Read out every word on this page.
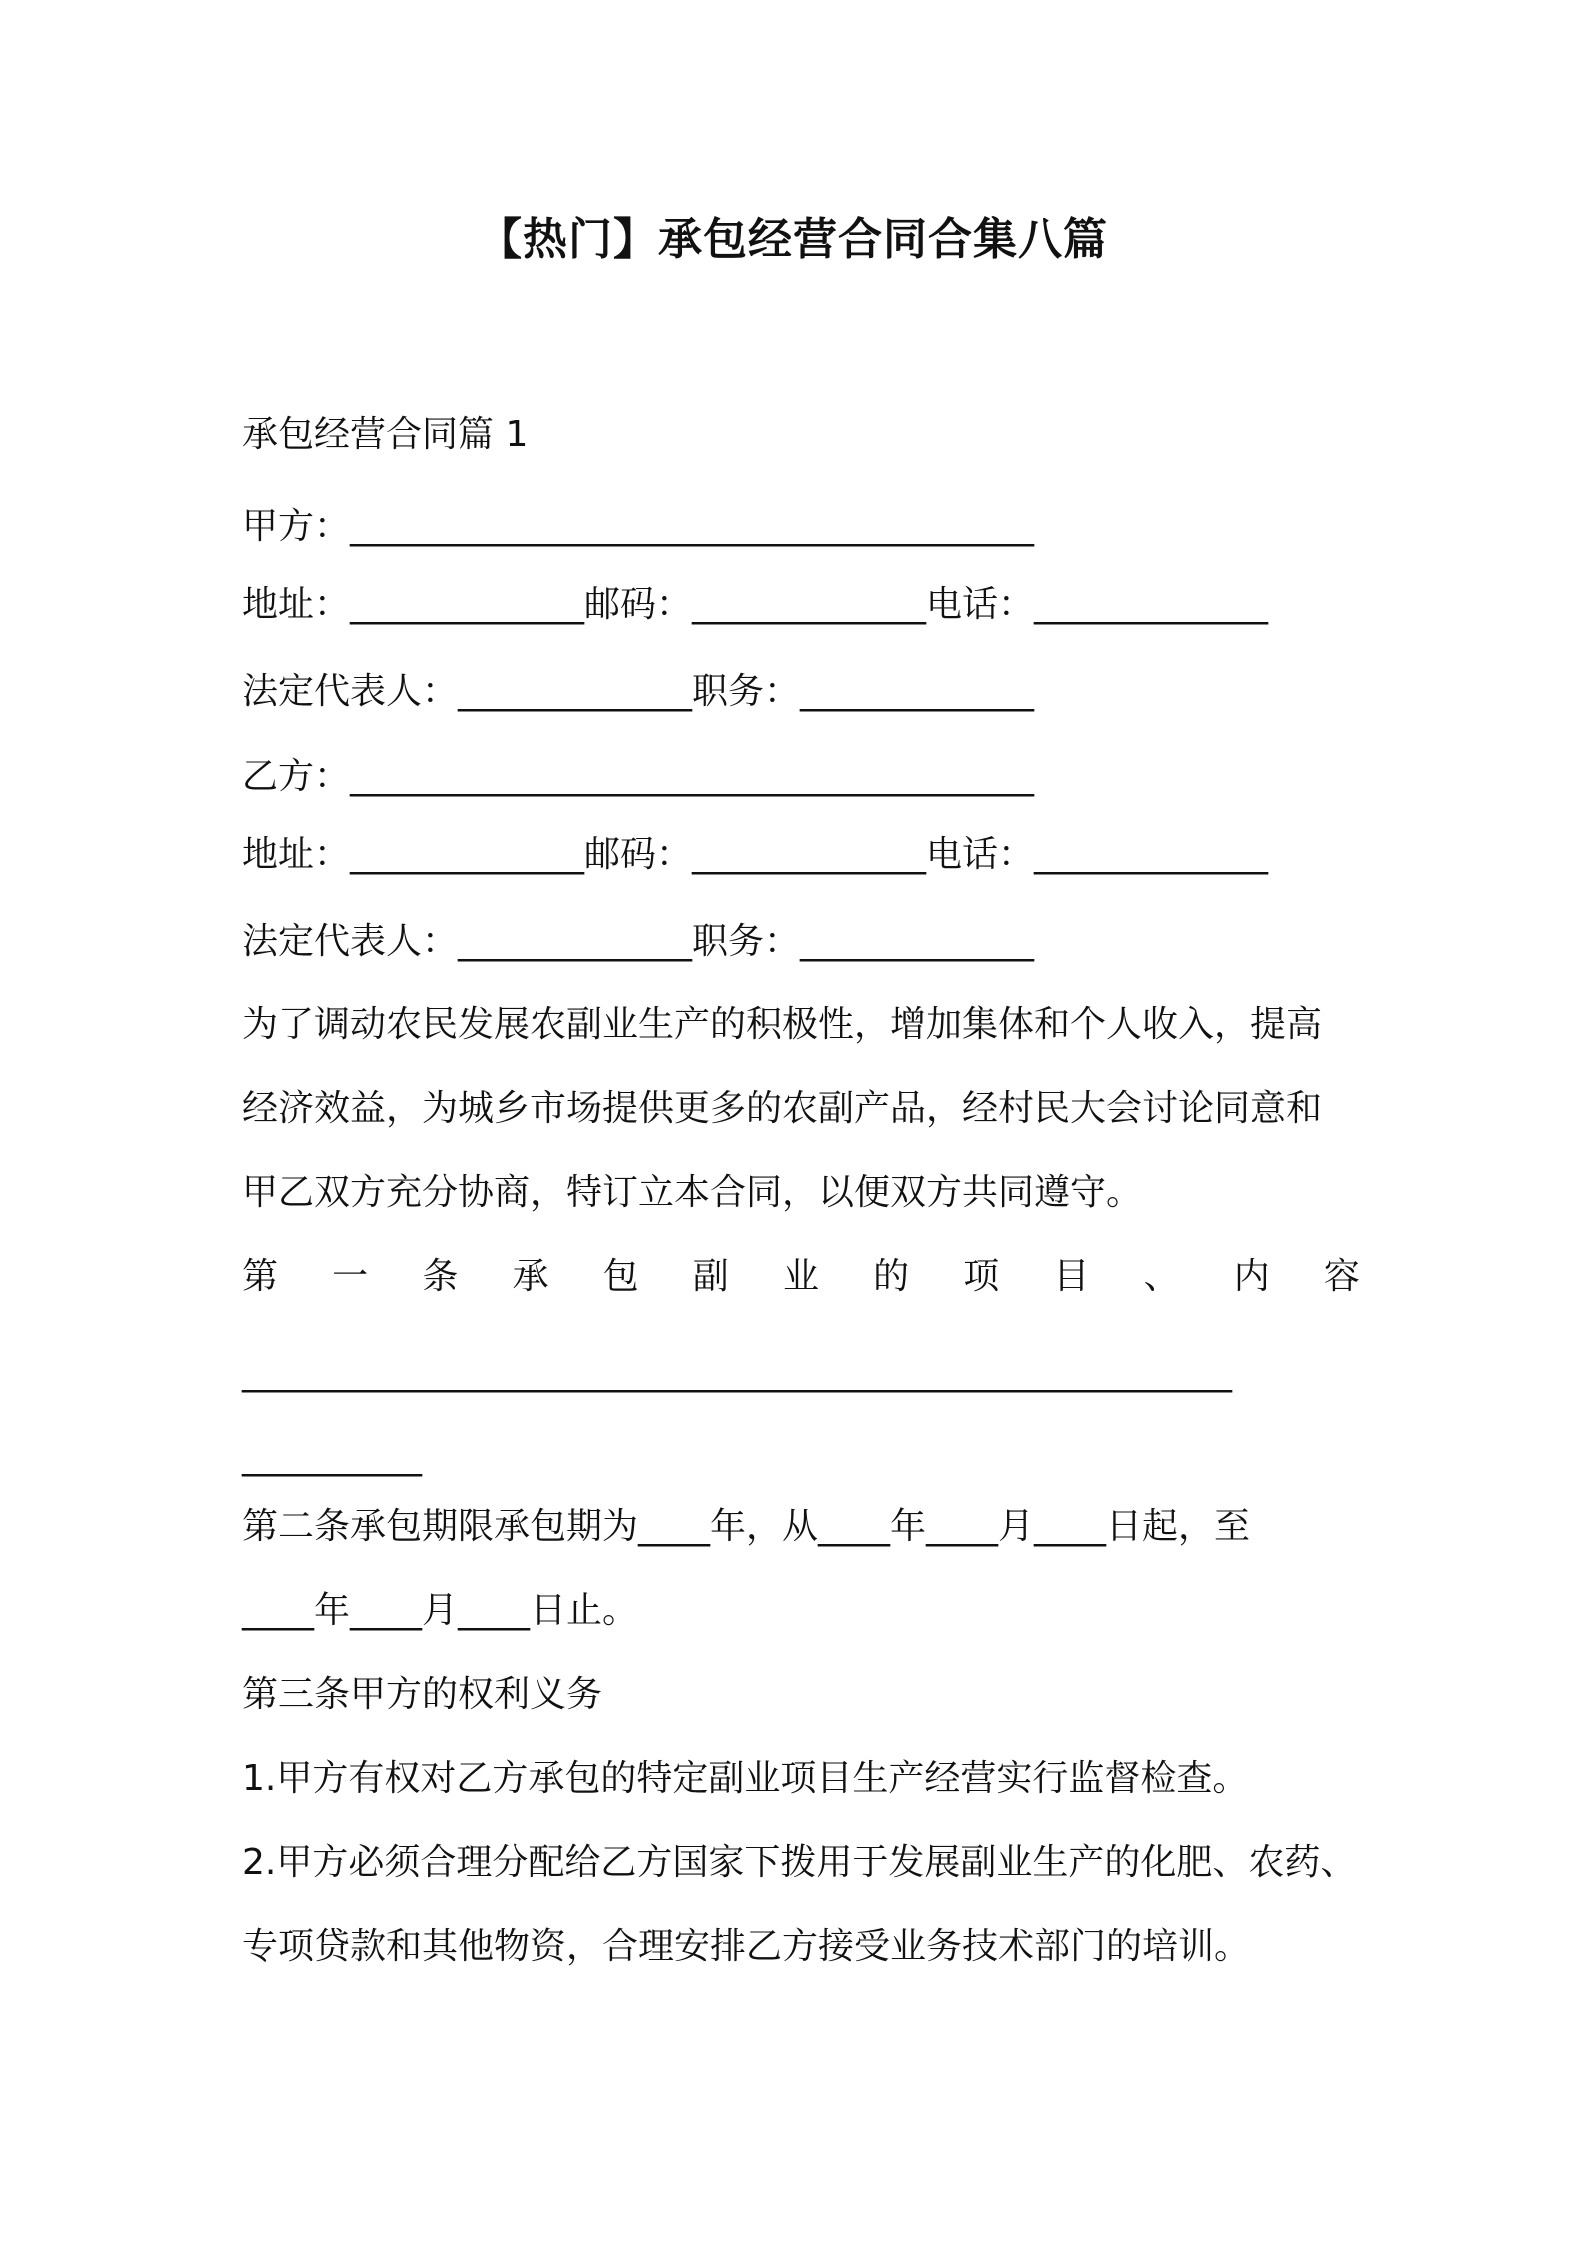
【热门】承包经营合同合集八篇
承包经营合同篇 1
甲方：______________________________________
地址：_____________邮码：_____________电话：_____________
法定代表人：_____________职务：_____________
乙方：______________________________________
地址：_____________邮码：_____________电话：_____________
法定代表人：_____________职务：_____________
为了调动农民发展农副业生产的积极性，增加集体和个人收入，提高
经济效益，为城乡市场提供更多的农副产品，经村民大会讨论同意和
甲乙双方充分协商，特订立本合同，以便双方共同遵守。
第 一 条 承 包 副 业 的 项 目 、 内 容
_______________________________________________________
__________
第二条承包期限承包期为____年，从____年____月____日起，至
____年____月____日止。
第三条甲方的权利义务
1.甲方有权对乙方承包的特定副业项目生产经营实行监督检查。
2.甲方必须合理分配给乙方国家下拨用于发展副业生产的化肥、农药、
专项贷款和其他物资，合理安排乙方接受业务技术部门的培训。
